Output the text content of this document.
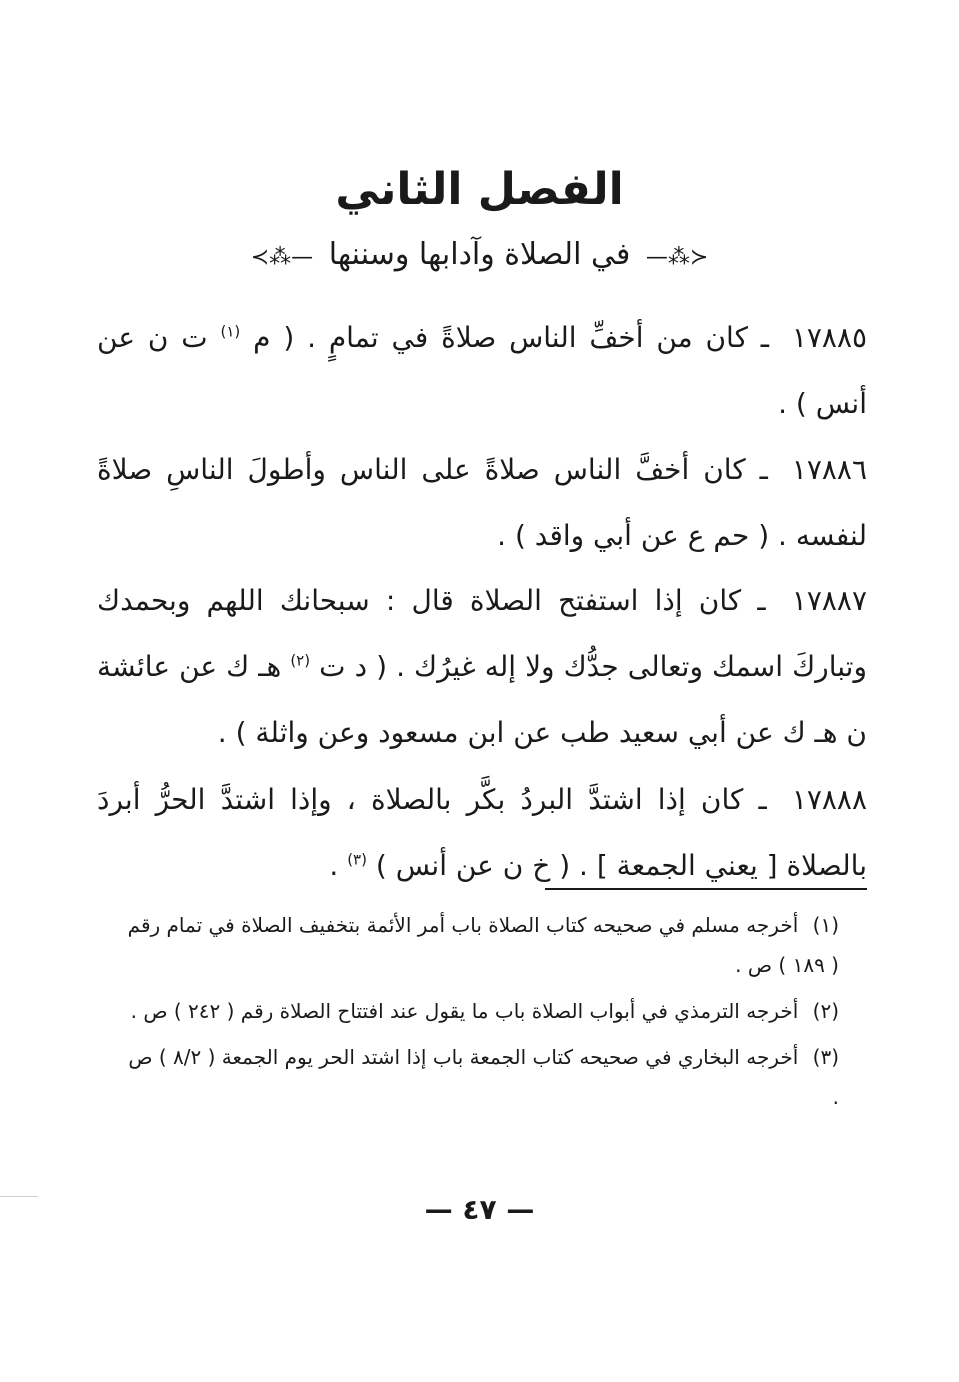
الفصل الثاني
≺⁂— في الصلاة وآدابها وسننها —⁂≻
١٧٨٨٥ ـ كان من أخفِّ الناس صلاةً في تمامٍ . ( م $^{(١)}$ ت ن عن أنس ) .
١٧٨٨٦ ـ كان أخفَّ الناس صلاةً على الناس وأطولَ الناسِ صلاةً لنفسه . ( حم ع عن أبي واقد ) .
١٧٨٨٧ ـ كان إذا استفتح الصلاة قال : سبحانك اللهم وبحمدك وتباركَ اسمك وتعالى جدُّك ولا إله غيرُك . ( د ت $^{(٢)}$ هـ ك عن عائشة ن هـ ك عن أبي سعيد طب عن ابن مسعود وعن واثلة ) .
١٧٨٨٨ ـ كان إذا اشتدَّ البردُ بكَّر بالصلاة ، وإذا اشتدَّ الحرُّ أبردَ بالصلاة [ يعني الجمعة ] . ( خ ن عن أنس ) $^{(٣)}$ .
(١) أخرجه مسلم في صحيحه كتاب الصلاة باب أمر الأئمة بتخفيف الصلاة في تمام رقم ( ١٨٩ ) ص .
(٢) أخرجه الترمذي في أبواب الصلاة باب ما يقول عند افتتاح الصلاة رقم ( ٢٤٢ ) ص .
(٣) أخرجه البخاري في صحيحه كتاب الجمعة باب إذا اشتد الحر يوم الجمعة ( ٨/٢ ) ص .
— ٤٧ —
